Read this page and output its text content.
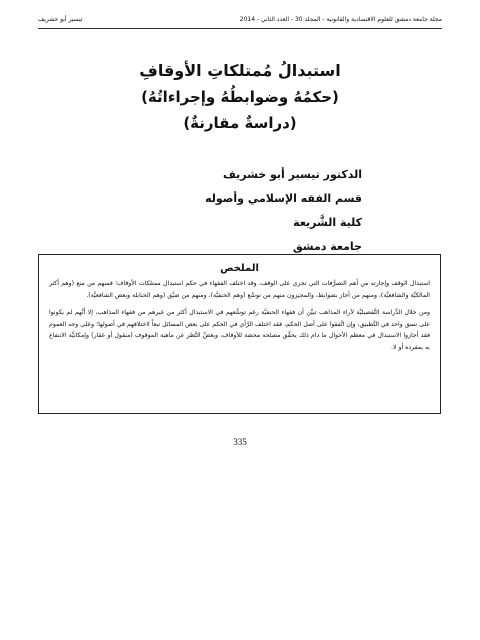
مجلة جامعة دمشق للعلوم الاقتصادية والقانونية - المجلد 30 - العدد الثاني - 2014
تيسير أبو خشريف
استبدالُ مُمتلكاتِ الأوقافِ
(حكمُهُ وضوابطُهُ وإجراءاتُهُ)
(دراسةٌ مقارنةٌ)
الدكتور تيسير أبو خشريف
قسم الفقه الإسلامي وأصوله
كلية الشَّريعة
جامعة دمشق
الملخص

استبدال الوقف وإجارته من أهم التصرُّفات التي تجري على الوقف، وقد اختلف الفقهاء في حكم استبدال ممتلكات الأوقاف؛ فمنهم من منع (وهم أكثر المالكيَّة والشافعيَّة)، ومنهم من أجاز بضوابط، والمجيزون منهم من توسَّع (وهم الحنفيَّة)، ومنهم من ضيَّق (وهم الحنابلة وبعض الشافعيَّة).

ومن خلال الدِّراسة التَّفصيليَّة لآراء المذاهب تبيَّن أن فقهاء الحنفيَّة رغم توسُّعهم في الاستبدال أكثر من غيرهم من فقهاء المذاهب، إلا أنَّهم لم يكونوا على نسق واحد في التَّطبيق، وإن اتَّفقوا على أصل الحكم، فقد اختلف الرَّأي في الحكم على بعض المسائل تبعاً لاختلافهم في أصولها؛ وعلى وجه العموم فقد أجازوا الاستبدال في معظم الأحوال ما دام ذلك يحقِّق مصلحة محضة للأوقاف، وبغضِّ النَّظر عن ماهية الموقوف (منقول أو عقار) وإمكانيَّة الانتفاع به بمفرده أو لا.

335
